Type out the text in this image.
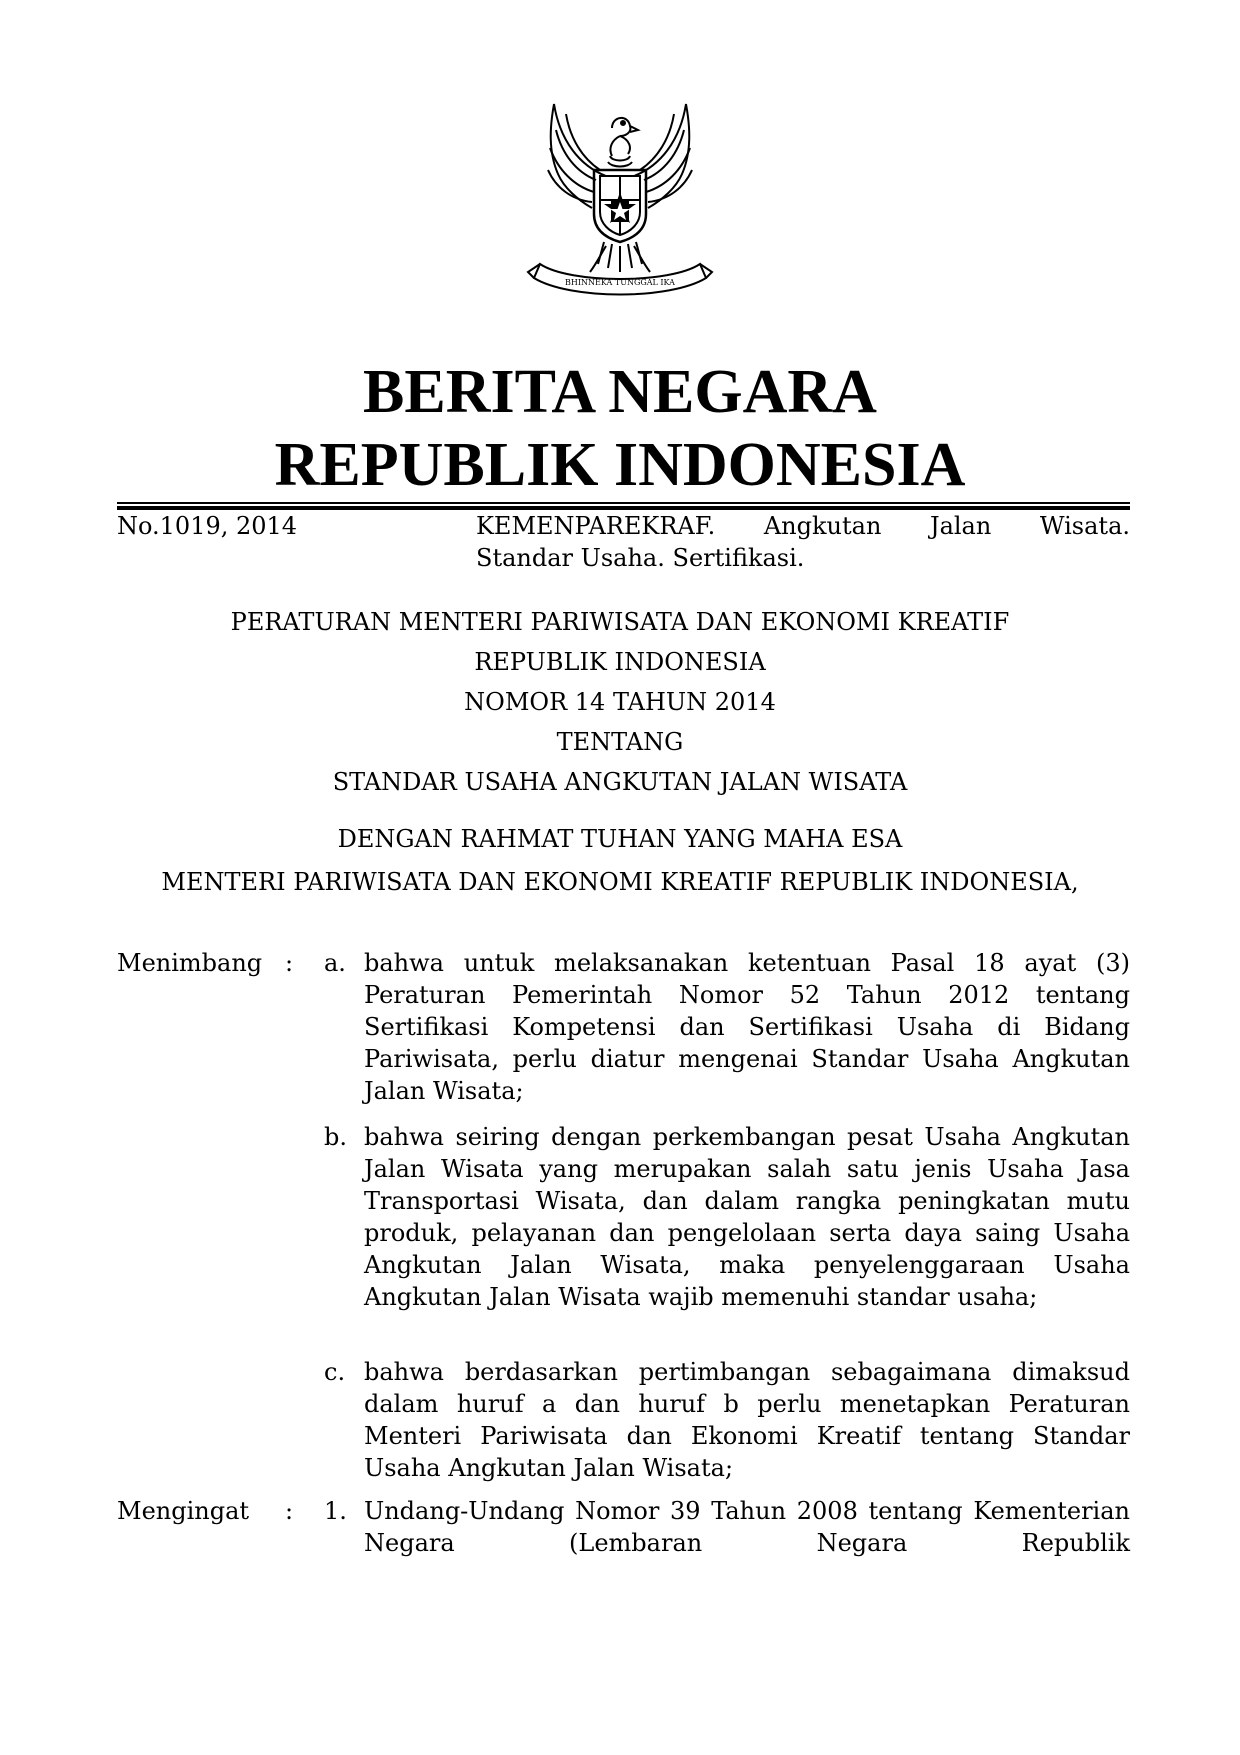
BHINNEKA TUNGGAL IKA
BERITA NEGARA
REPUBLIK INDONESIA
No.1019, 2014	KEMENPAREKRAF. Angkutan Jalan Wisata.
Standar Usaha. Sertifikasi.
PERATURAN MENTERI PARIWISATA DAN EKONOMI KREATIF
REPUBLIK INDONESIA
NOMOR 14 TAHUN 2014
TENTANG
STANDAR USAHA ANGKUTAN JALAN WISATA
DENGAN RAHMAT TUHAN YANG MAHA ESA
MENTERI PARIWISATA DAN EKONOMI KREATIF REPUBLIK INDONESIA,
Menimbang : a. bahwa untuk melaksanakan ketentuan Pasal 18 ayat (3) Peraturan Pemerintah Nomor 52 Tahun 2012 tentang Sertifikasi Kompetensi dan Sertifikasi Usaha di Bidang Pariwisata, perlu diatur mengenai Standar Usaha Angkutan Jalan Wisata;
b. bahwa seiring dengan perkembangan pesat Usaha Angkutan Jalan Wisata yang merupakan salah satu jenis Usaha Jasa Transportasi Wisata, dan dalam rangka peningkatan mutu produk, pelayanan dan pengelolaan serta daya saing Usaha Angkutan Jalan Wisata, maka penyelenggaraan Usaha Angkutan Jalan Wisata wajib memenuhi standar usaha;
c. bahwa berdasarkan pertimbangan sebagaimana dimaksud dalam huruf a dan huruf b perlu menetapkan Peraturan Menteri Pariwisata dan Ekonomi Kreatif tentang Standar Usaha Angkutan Jalan Wisata;
Mengingat : 1. Undang-Undang Nomor 39 Tahun 2008 tentang Kementerian Negara (Lembaran Negara Republik
